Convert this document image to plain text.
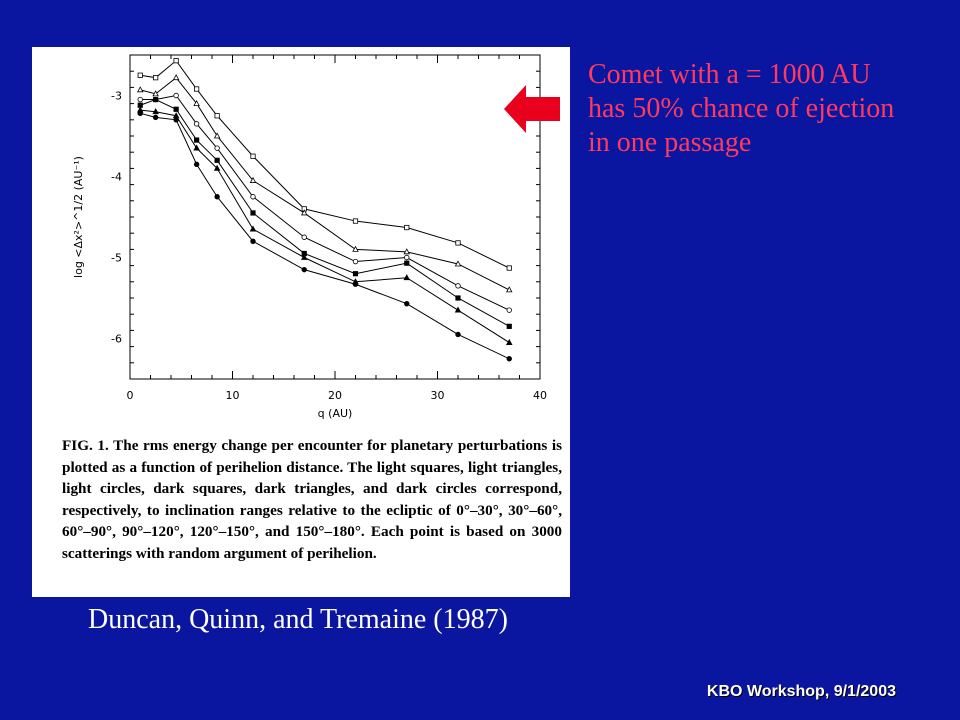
0	10	20	30	40
-3
-4
-5
-6
q (AU)
log <Δx²>^1/2 (AU⁻¹)
FIG. 1. The rms energy change per encounter for planetary perturbations is plotted as a function of perihelion distance. The light squares, light triangles, light circles, dark squares, dark triangles, and dark circles correspond, respectively, to inclination ranges relative to the ecliptic of 0°–30°, 30°–60°, 60°–90°, 90°–120°, 120°–150°, and 150°–180°. Each point is based on 3000 scatterings with random argument of perihelion.
Comet with a = 1000 AU
has 50% chance of ejection
in one passage
Duncan, Quinn, and Tremaine (1987)
KBO Workshop, 9/1/2003
